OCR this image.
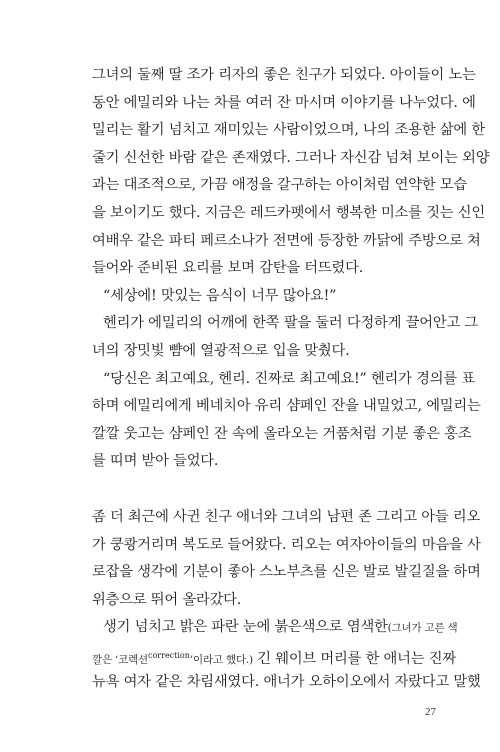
그녀의 둘째 딸 조가 리자의 좋은 친구가 되었다. 아이들이 노는
동안 에밀리와 나는 차를 여러 잔 마시며 이야기를 나누었다. 에
밀리는 활기 넘치고 재미있는 사람이었으며, 나의 조용한 삶에 한
줄기 신선한 바람 같은 존재였다. 그러나 자신감 넘쳐 보이는 외양
과는 대조적으로, 가끔 애정을 갈구하는 아이처럼 연약한 모습
을 보이기도 했다. 지금은 레드카펫에서 행복한 미소를 짓는 신인
여배우 같은 파티 페르소나가 전면에 등장한 까닭에 주방으로 쳐
들어와 준비된 요리를 보며 감탄을 터뜨렸다.
“세상에! 맛있는 음식이 너무 많아요!”
헨리가 에밀리의 어깨에 한쪽 팔을 둘러 다정하게 끌어안고 그
녀의 장밋빛 뺨에 열광적으로 입을 맞췄다.
“당신은 최고예요, 헨리. 진짜로 최고예요!” 헨리가 경의를 표
하며 에밀리에게 베네치아 유리 샴페인 잔을 내밀었고, 에밀리는
깔깔 웃고는 샴페인 잔 속에 올라오는 거품처럼 기분 좋은 홍조
를 띠며 받아 들었다.
좀 더 최근에 사귄 친구 애너와 그녀의 남편 존 그리고 아들 리오
가 쿵쾅거리며 복도로 들어왔다. 리오는 여자아이들의 마음을 사
로잡을 생각에 기분이 좋아 스노부츠를 신은 발로 발길질을 하며
위층으로 뛰어 올라갔다.
생기 넘치고 밝은 파란 눈에 붉은색으로 염색한(그녀가 고른 색
깔은 ‘코렉션$^{correction}$’이라고 했다.) 긴 웨이브 머리를 한 애너는 진짜
뉴욕 여자 같은 차림새였다. 애너가 오하이오에서 자랐다고 말했
27
